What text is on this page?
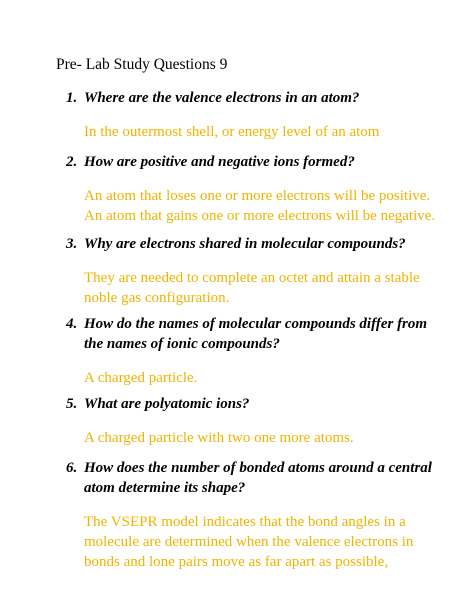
Pre- Lab Study Questions 9
1. Where are the valence electrons in an atom?
In the outermost shell, or energy level of an atom
2. How are positive and negative ions formed?
An atom that loses one or more electrons will be positive. An atom that gains one or more electrons will be negative.
3. Why are electrons shared in molecular compounds?
They are needed to complete an octet and attain a stable noble gas configuration.
4. How do the names of molecular compounds differ from the names of ionic compounds?
A charged particle.
5. What are polyatomic ions?
A charged particle with two one more atoms.
6. How does the number of bonded atoms around a central atom determine its shape?
The VSEPR model indicates that the bond angles in a molecule are determined when the valence electrons in bonds and lone pairs move as far apart as possible,
